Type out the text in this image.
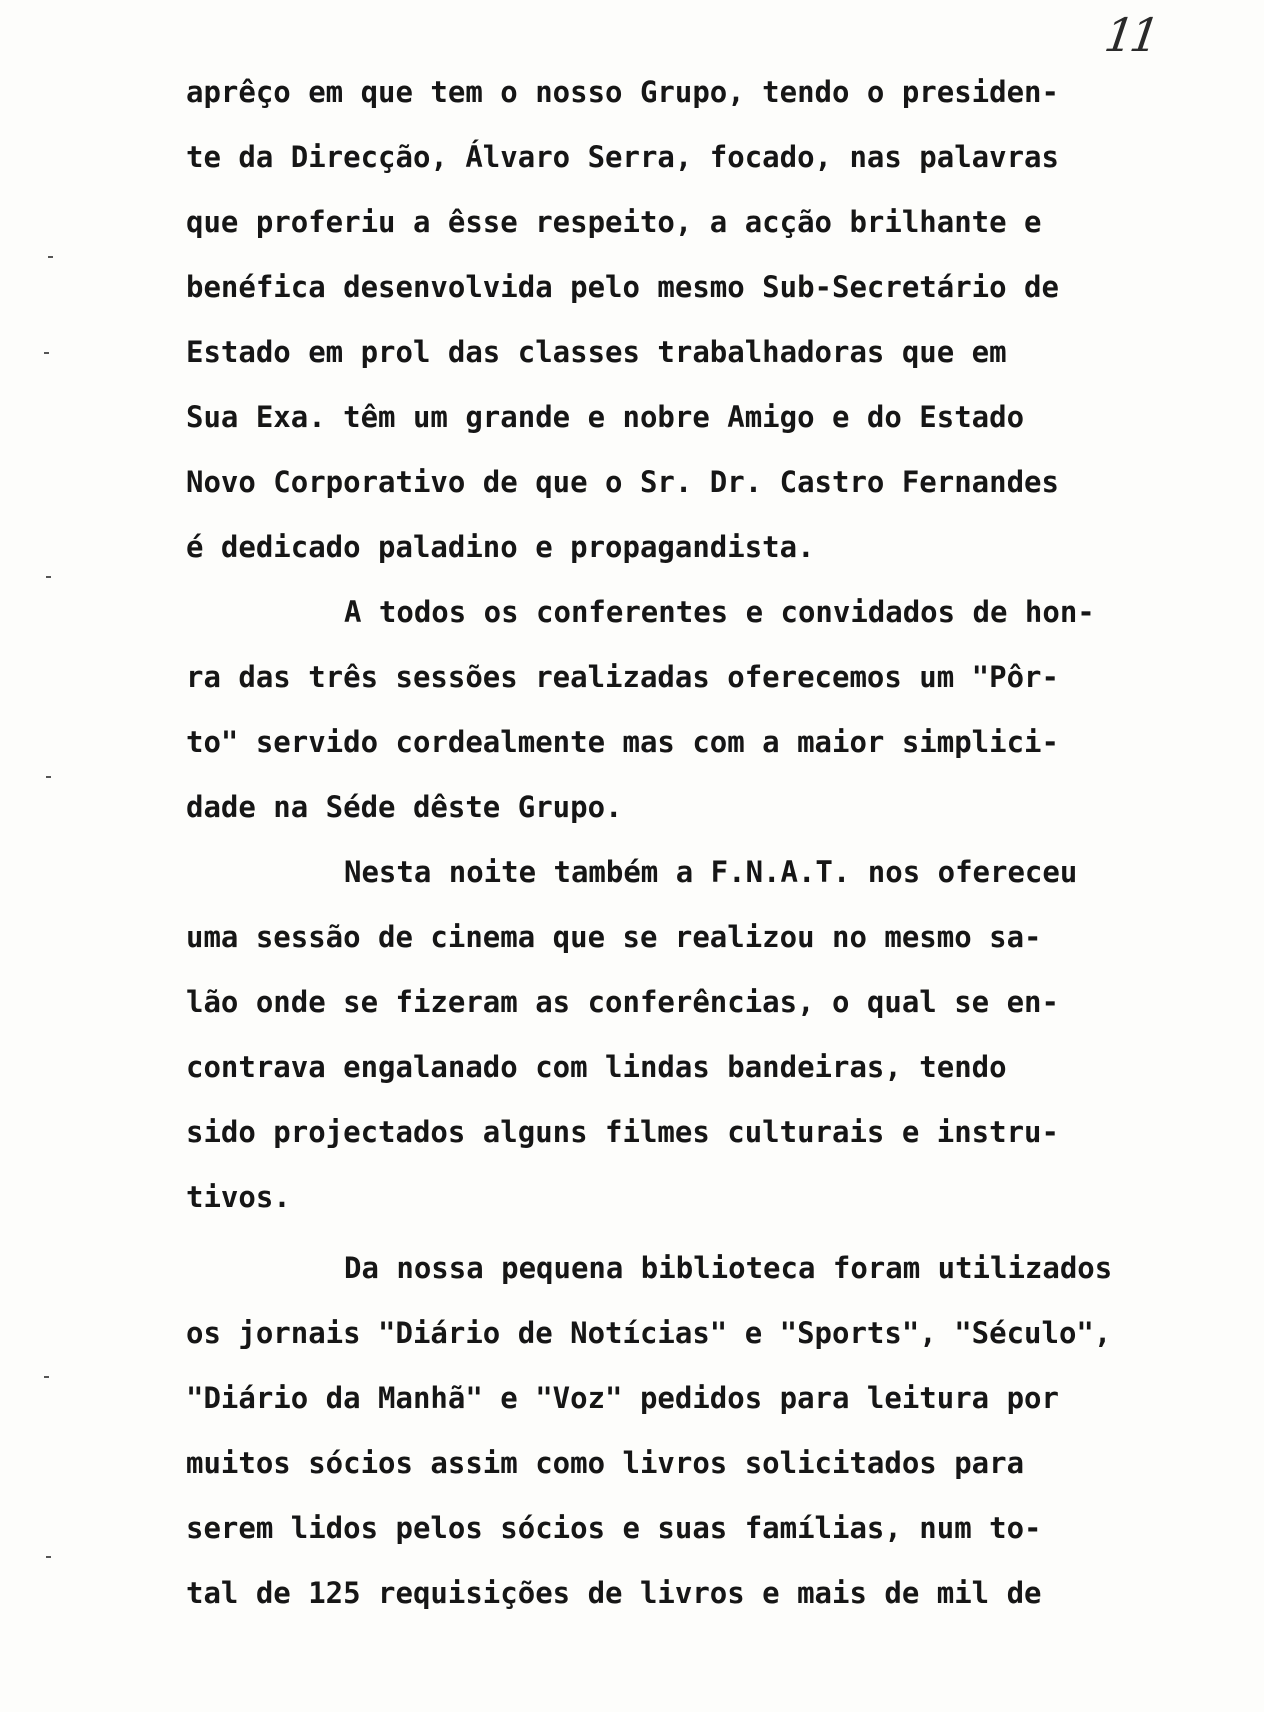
11
aprêço em que tem o nosso Grupo, tendo o presiden-
te da Direcção, Álvaro Serra, focado, nas palavras
que proferiu a êsse respeito, a acção brilhante e
benéfica desenvolvida pelo mesmo Sub-Secretário de
Estado em prol das classes trabalhadoras que em
Sua Exa. têm um grande e nobre Amigo e do Estado
Novo Corporativo de que o Sr. Dr. Castro Fernandes
é dedicado paladino e propagandista.
A todos os conferentes e convidados de hon-
ra das três sessões realizadas oferecemos um "Pôr-
to" servido cordealmente mas com a maior simplici-
dade na Séde dêste Grupo.
Nesta noite também a F.N.A.T. nos ofereceu
uma sessão de cinema que se realizou no mesmo sa-
lão onde se fizeram as conferências, o qual se en-
contrava engalanado com lindas bandeiras, tendo
sido projectados alguns filmes culturais e instru-
tivos.
Da nossa pequena biblioteca foram utilizados
os jornais "Diário de Notícias" e "Sports", "Século",
"Diário da Manhã" e "Voz" pedidos para leitura por
muitos sócios assim como livros solicitados para
serem lidos pelos sócios e suas famílias, num to-
tal de 125 requisições de livros e mais de mil de
